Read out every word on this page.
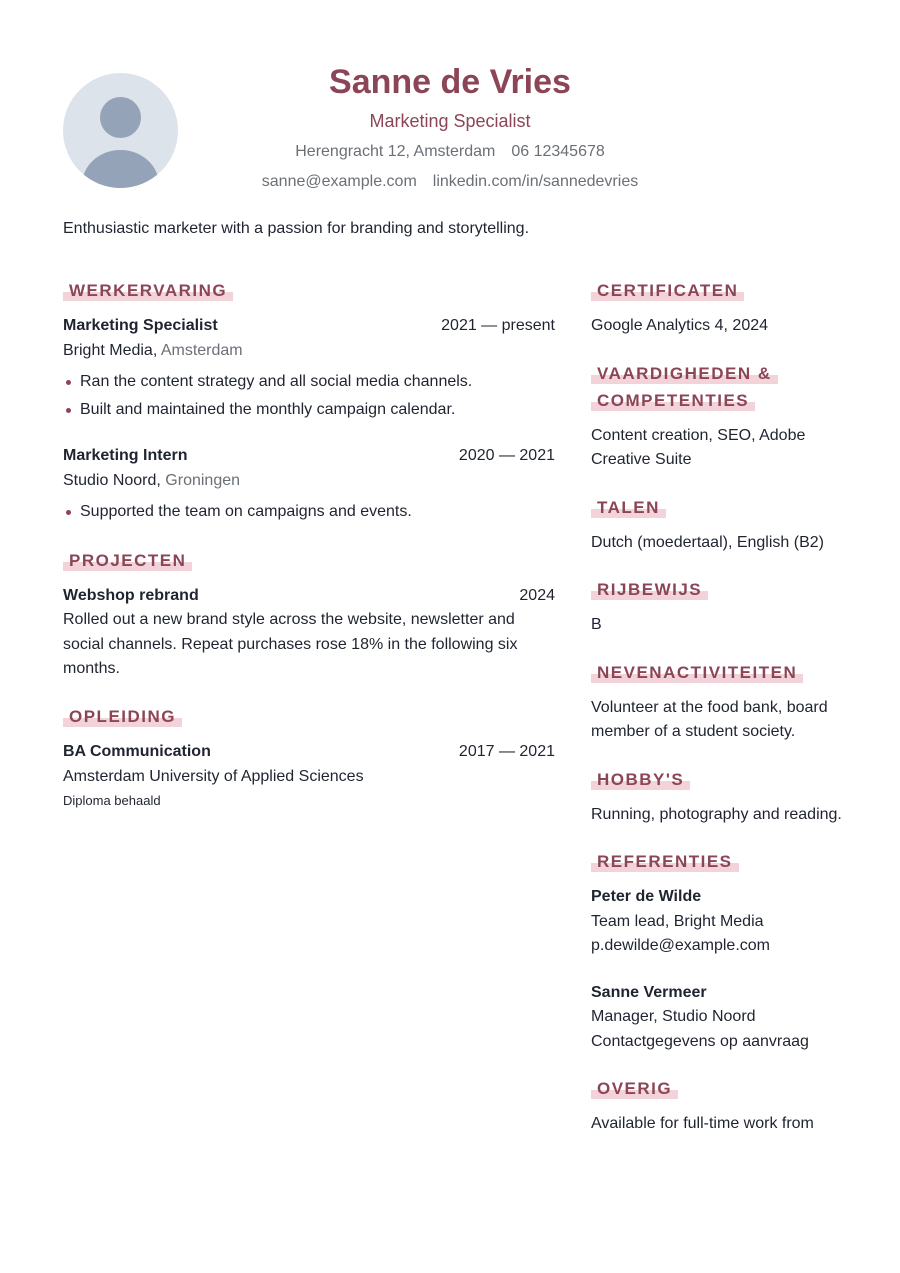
Sanne de Vries
Marketing Specialist
Herengracht 12, Amsterdam 06 12345678
sanne@example.com linkedin.com/in/sannedevries
Enthusiastic marketer with a passion for branding and storytelling.
WERKERVARING
Marketing Specialist	2021 — present
Bright Media, Amsterdam
Ran the content strategy and all social media channels.
Built and maintained the monthly campaign calendar.
Marketing Intern	2020 — 2021
Studio Noord, Groningen
Supported the team on campaigns and events.
PROJECTEN
Webshop rebrand	2024
Rolled out a new brand style across the website, newsletter and social channels. Repeat purchases rose 18% in the following six months.
OPLEIDING
BA Communication	2017 — 2021
Amsterdam University of Applied Sciences
Diploma behaald
CERTIFICATEN
Google Analytics 4, 2024
VAARDIGHEDEN &
COMPETENTIES
Content creation, SEO, Adobe Creative Suite
TALEN
Dutch (moedertaal), English (B2)
RIJBEWIJS
B
NEVENACTIVITEITEN
Volunteer at the food bank, board member of a student society.
HOBBY'S
Running, photography and reading.
REFERENTIES
Peter de Wilde
Team lead, Bright Media
p.dewilde@example.com
Sanne Vermeer
Manager, Studio Noord
Contactgegevens op aanvraag
OVERIG
Available for full-time work from
